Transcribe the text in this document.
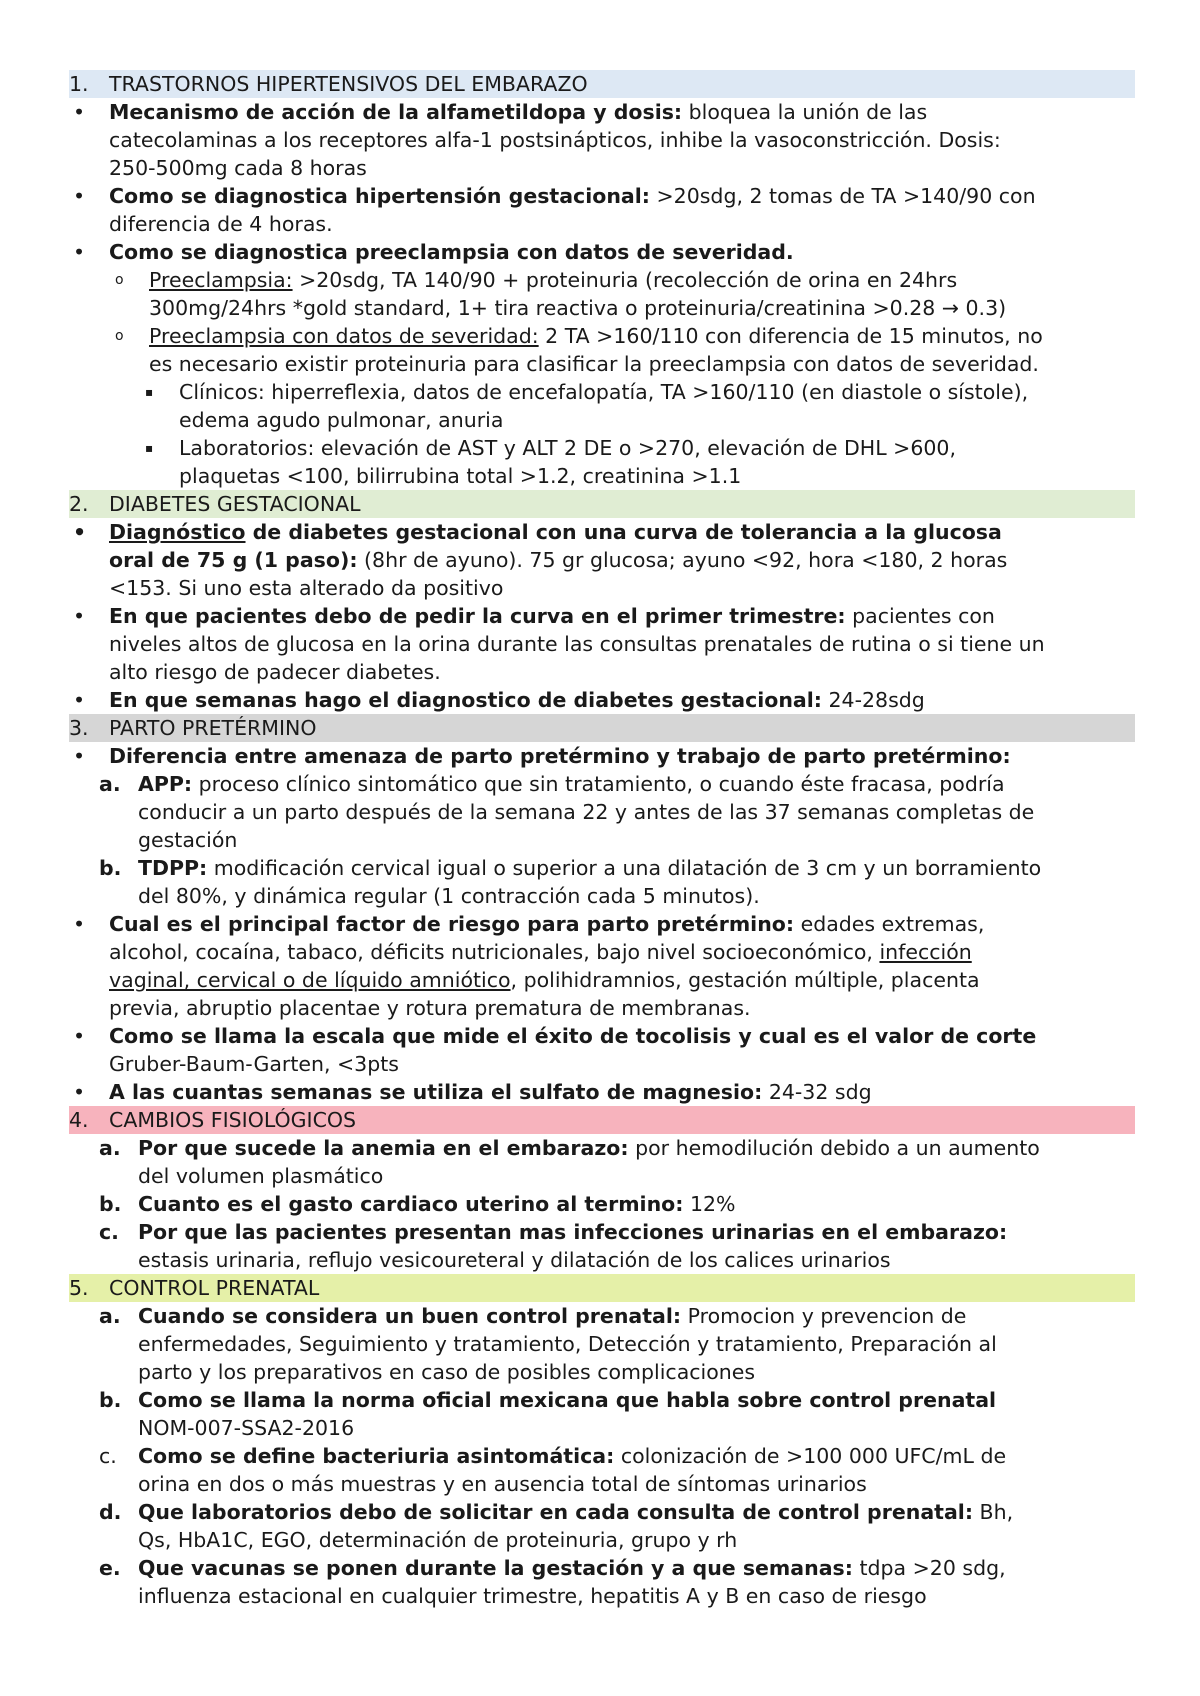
1. TRASTORNOS HIPERTENSIVOS DEL EMBARAZO
• Mecanismo de acción de la alfametildopa y dosis: bloquea la unión de las
catecolaminas a los receptores alfa-1 postsinápticos, inhibe la vasoconstricción. Dosis:
250-500mg cada 8 horas
• Como se diagnostica hipertensión gestacional: >20sdg, 2 tomas de TA >140/90 con
diferencia de 4 horas.
• Como se diagnostica preeclampsia con datos de severidad.
o Preeclampsia: >20sdg, TA 140/90 + proteinuria (recolección de orina en 24hrs
300mg/24hrs *gold standard, 1+ tira reactiva o proteinuria/creatinina >0.28 → 0.3)
o Preeclampsia con datos de severidad: 2 TA >160/110 con diferencia de 15 minutos, no
es necesario existir proteinuria para clasificar la preeclampsia con datos de severidad.
▪ Clínicos: hiperreflexia, datos de encefalopatía, TA >160/110 (en diastole o sístole),
edema agudo pulmonar, anuria
▪ Laboratorios: elevación de AST y ALT 2 DE o >270, elevación de DHL >600,
plaquetas <100, bilirrubina total >1.2, creatinina >1.1
2. DIABETES GESTACIONAL
• Diagnóstico de diabetes gestacional con una curva de tolerancia a la glucosa
oral de 75 g (1 paso): (8hr de ayuno). 75 gr glucosa; ayuno <92, hora <180, 2 horas
<153. Si uno esta alterado da positivo
• En que pacientes debo de pedir la curva en el primer trimestre: pacientes con
niveles altos de glucosa en la orina durante las consultas prenatales de rutina o si tiene un
alto riesgo de padecer diabetes.
• En que semanas hago el diagnostico de diabetes gestacional: 24-28sdg
3. PARTO PRETÉRMINO
• Diferencia entre amenaza de parto pretérmino y trabajo de parto pretérmino:
a. APP: proceso clínico sintomático que sin tratamiento, o cuando éste fracasa, podría
conducir a un parto después de la semana 22 y antes de las 37 semanas completas de
gestación
b. TDPP: modificación cervical igual o superior a una dilatación de 3 cm y un borramiento
del 80%, y dinámica regular (1 contracción cada 5 minutos).
• Cual es el principal factor de riesgo para parto pretérmino: edades extremas,
alcohol, cocaína, tabaco, déficits nutricionales, bajo nivel socioeconómico, infección
vaginal, cervical o de líquido amniótico, polihidramnios, gestación múltiple, placenta
previa, abruptio placentae y rotura prematura de membranas.
• Como se llama la escala que mide el éxito de tocolisis y cual es el valor de corte
Gruber-Baum-Garten, <3pts
• A las cuantas semanas se utiliza el sulfato de magnesio: 24-32 sdg
4. CAMBIOS FISIOLÓGICOS
a. Por que sucede la anemia en el embarazo: por hemodilución debido a un aumento
del volumen plasmático
b. Cuanto es el gasto cardiaco uterino al termino: 12%
c. Por que las pacientes presentan mas infecciones urinarias en el embarazo:
estasis urinaria, reflujo vesicoureteral y dilatación de los calices urinarios
5. CONTROL PRENATAL
a. Cuando se considera un buen control prenatal: Promocion y prevencion de
enfermedades, Seguimiento y tratamiento, Detección y tratamiento, Preparación al
parto y los preparativos en caso de posibles complicaciones
b. Como se llama la norma oficial mexicana que habla sobre control prenatal
NOM-007-SSA2-2016
c. Como se define bacteriuria asintomática: colonización de >100 000 UFC/mL de
orina en dos o más muestras y en ausencia total de síntomas urinarios
d. Que laboratorios debo de solicitar en cada consulta de control prenatal: Bh,
Qs, HbA1C, EGO, determinación de proteinuria, grupo y rh
e. Que vacunas se ponen durante la gestación y a que semanas: tdpa >20 sdg,
influenza estacional en cualquier trimestre, hepatitis A y B en caso de riesgo
